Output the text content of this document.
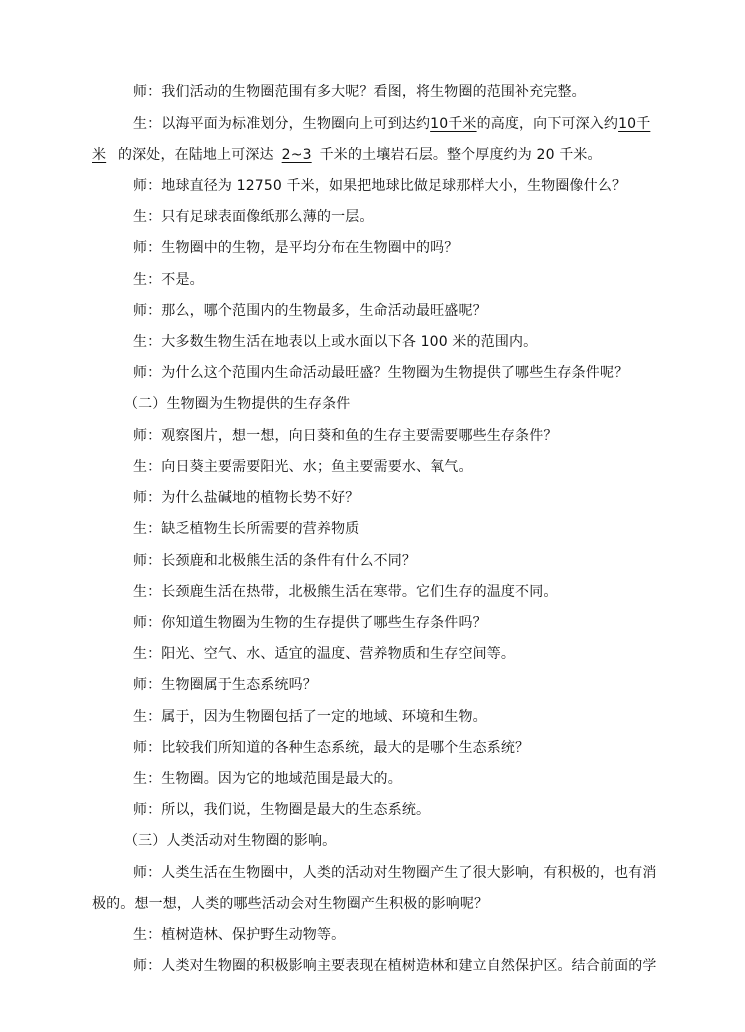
师：我们活动的生物圈范围有多大呢？看图，将生物圈的范围补充完整。
生：以海平面为标准划分，生物圈向上可到达约10千米的高度，向下可深入约10千
米 的深处，在陆地上可深达 2~3 千米的土壤岩石层。整个厚度约为 20 千米。
师：地球直径为 12750 千米，如果把地球比做足球那样大小，生物圈像什么？
生：只有足球表面像纸那么薄的一层。
师：生物圈中的生物，是平均分布在生物圈中的吗？
生：不是。
师：那么，哪个范围内的生物最多，生命活动最旺盛呢？
生：大多数生物生活在地表以上或水面以下各 100 米的范围内。
师：为什么这个范围内生命活动最旺盛？生物圈为生物提供了哪些生存条件呢？
（二）生物圈为生物提供的生存条件
师：观察图片，想一想，向日葵和鱼的生存主要需要哪些生存条件？
生：向日葵主要需要阳光、水；鱼主要需要水、氧气。
师：为什么盐碱地的植物长势不好？
生：缺乏植物生长所需要的营养物质
师：长颈鹿和北极熊生活的条件有什么不同？
生：长颈鹿生活在热带，北极熊生活在寒带。它们生存的温度不同。
师：你知道生物圈为生物的生存提供了哪些生存条件吗？
生：阳光、空气、水、适宜的温度、营养物质和生存空间等。
师：生物圈属于生态系统吗？
生：属于，因为生物圈包括了一定的地域、环境和生物。
师：比较我们所知道的各种生态系统，最大的是哪个生态系统？
生：生物圈。因为它的地域范围是最大的。
师：所以，我们说，生物圈是最大的生态系统。
（三）人类活动对生物圈的影响。
师：人类生活在生物圈中，人类的活动对生物圈产生了很大影响，有积极的，也有消
极的。想一想，人类的哪些活动会对生物圈产生积极的影响呢？
生：植树造林、保护野生动物等。
师：人类对生物圈的积极影响主要表现在植树造林和建立自然保护区。结合前面的学
